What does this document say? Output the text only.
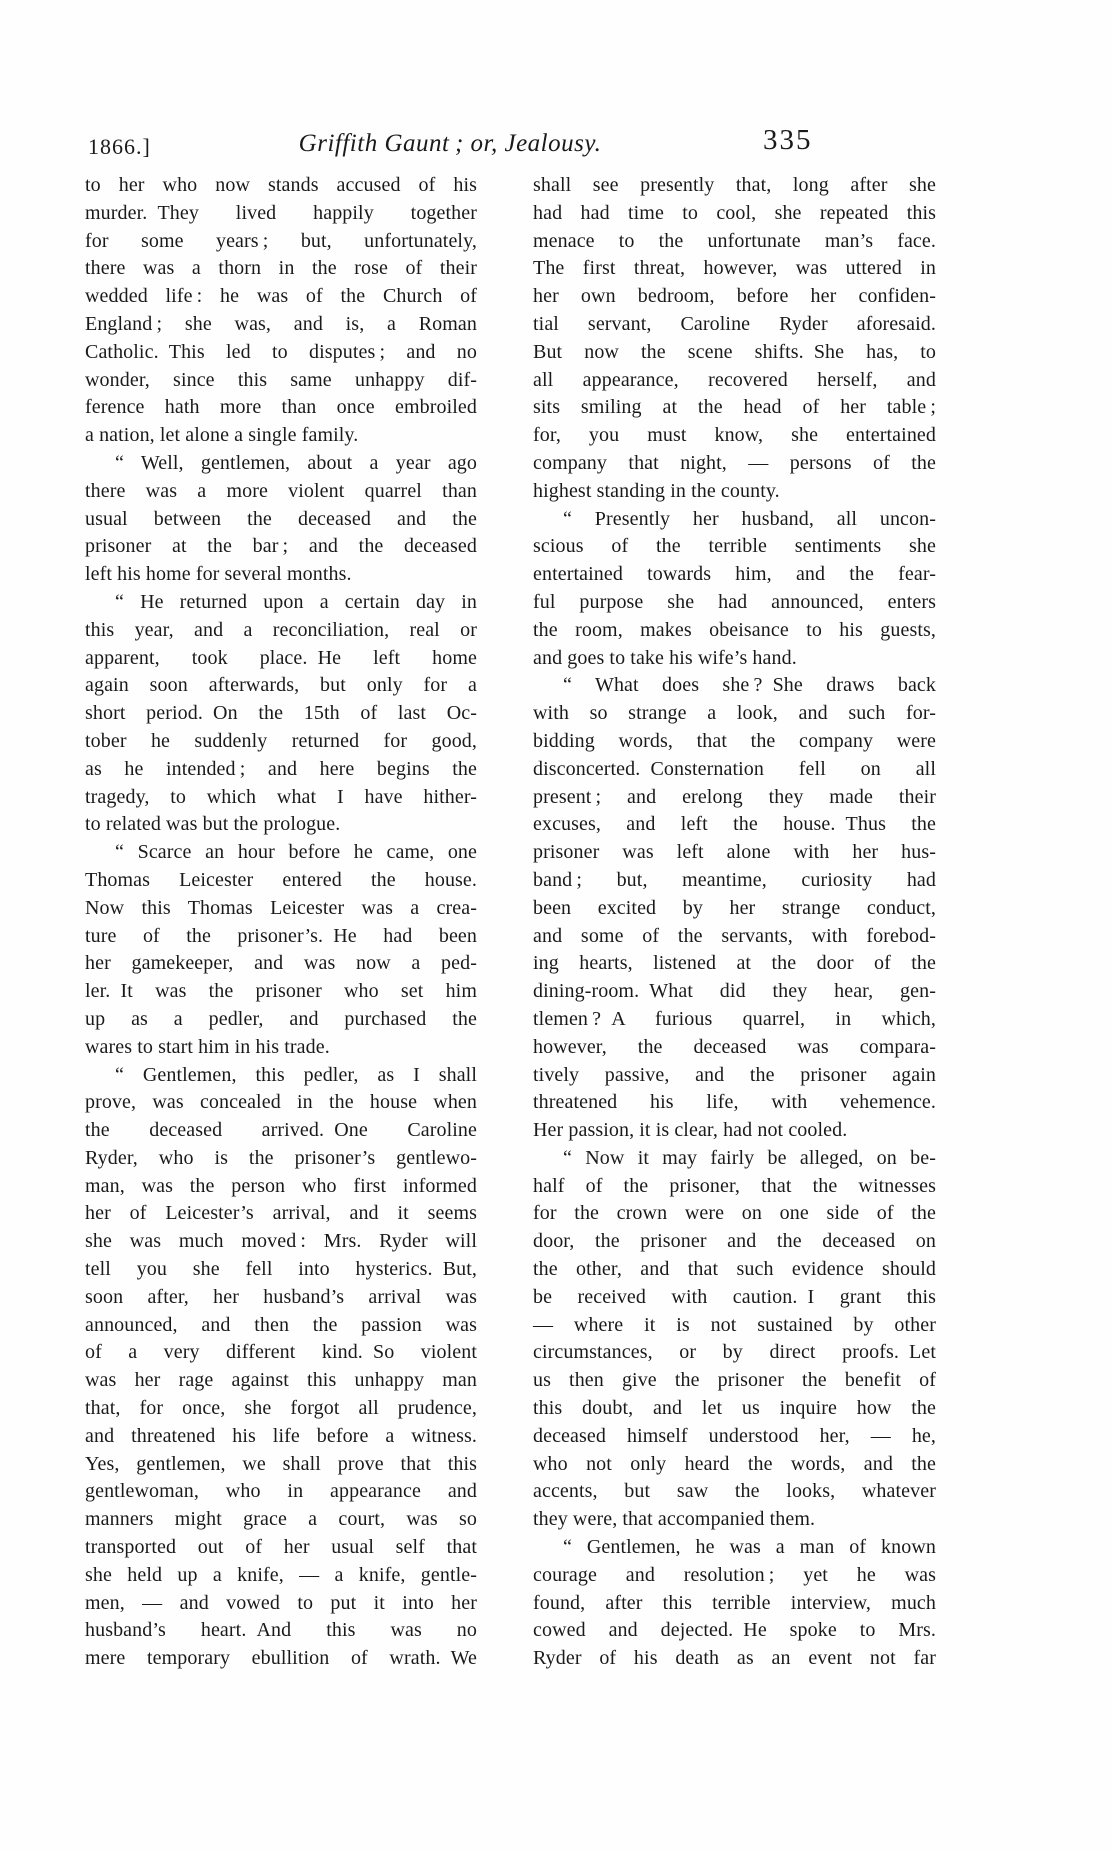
1866.]	Griffith Gaunt ; or, Jealousy.	335
to her who now stands accused of his
murder. They lived happily together
for some years ; but, unfortunately,
there was a thorn in the rose of their
wedded life : he was of the Church of
England ; she was, and is, a Roman
Catholic. This led to disputes ; and no
wonder, since this same unhappy dif-
ference hath more than once embroiled
a nation, let alone a single family.
“ Well, gentlemen, about a year ago
there was a more violent quarrel than
usual between the deceased and the
prisoner at the bar ; and the deceased
left his home for several months.
“ He returned upon a certain day in
this year, and a reconciliation, real or
apparent, took place. He left home
again soon afterwards, but only for a
short period. On the 15th of last Oc-
tober he suddenly returned for good,
as he intended ; and here begins the
tragedy, to which what I have hither-
to related was but the prologue.
“ Scarce an hour before he came, one
Thomas Leicester entered the house.
Now this Thomas Leicester was a crea-
ture of the prisoner’s. He had been
her gamekeeper, and was now a ped-
ler. It was the prisoner who set him
up as a pedler, and purchased the
wares to start him in his trade.
“ Gentlemen, this pedler, as I shall
prove, was concealed in the house when
the deceased arrived. One Caroline
Ryder, who is the prisoner’s gentlewo-
man, was the person who first informed
her of Leicester’s arrival, and it seems
she was much moved : Mrs. Ryder will
tell you she fell into hysterics. But,
soon after, her husband’s arrival was
announced, and then the passion was
of a very different kind. So violent
was her rage against this unhappy man
that, for once, she forgot all prudence,
and threatened his life before a witness.
Yes, gentlemen, we shall prove that this
gentlewoman, who in appearance and
manners might grace a court, was so
transported out of her usual self that
she held up a knife, — a knife, gentle-
men, — and vowed to put it into her
husband’s heart. And this was no
mere temporary ebullition of wrath. We
shall see presently that, long after she
had had time to cool, she repeated this
menace to the unfortunate man’s face.
The first threat, however, was uttered in
her own bedroom, before her confiden-
tial servant, Caroline Ryder aforesaid.
But now the scene shifts. She has, to
all appearance, recovered herself, and
sits smiling at the head of her table ;
for, you must know, she entertained
company that night, — persons of the
highest standing in the county.
“ Presently her husband, all uncon-
scious of the terrible sentiments she
entertained towards him, and the fear-
ful purpose she had announced, enters
the room, makes obeisance to his guests,
and goes to take his wife’s hand.
“ What does she ? She draws back
with so strange a look, and such for-
bidding words, that the company were
disconcerted. Consternation fell on all
present ; and erelong they made their
excuses, and left the house. Thus the
prisoner was left alone with her hus-
band ; but, meantime, curiosity had
been excited by her strange conduct,
and some of the servants, with forebod-
ing hearts, listened at the door of the
dining-room. What did they hear, gen-
tlemen ? A furious quarrel, in which,
however, the deceased was compara-
tively passive, and the prisoner again
threatened his life, with vehemence.
Her passion, it is clear, had not cooled.
“ Now it may fairly be alleged, on be-
half of the prisoner, that the witnesses
for the crown were on one side of the
door, the prisoner and the deceased on
the other, and that such evidence should
be received with caution. I grant this
— where it is not sustained by other
circumstances, or by direct proofs. Let
us then give the prisoner the benefit of
this doubt, and let us inquire how the
deceased himself understood her, — he,
who not only heard the words, and the
accents, but saw the looks, whatever
they were, that accompanied them.
“ Gentlemen, he was a man of known
courage and resolution ; yet he was
found, after this terrible interview, much
cowed and dejected. He spoke to Mrs.
Ryder of his death as an event not far
